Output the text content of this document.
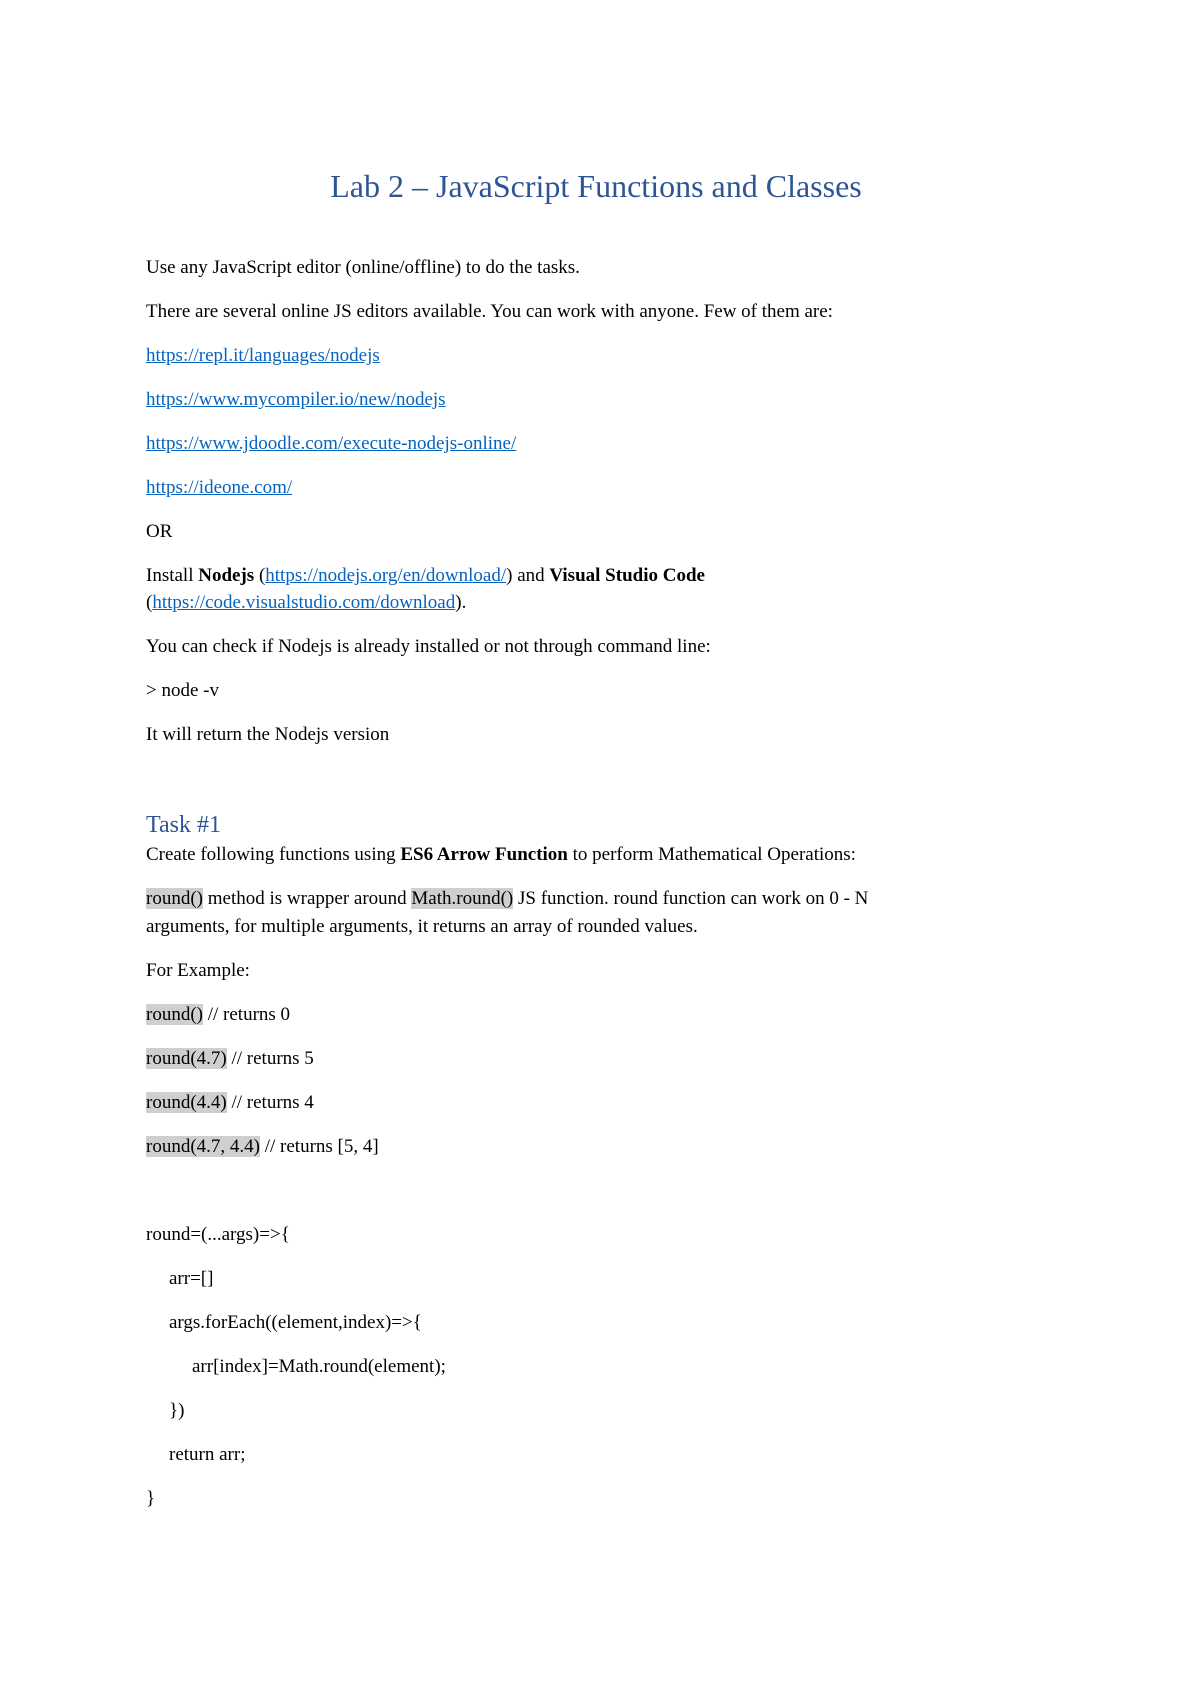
Lab 2 – JavaScript Functions and Classes
Use any JavaScript editor (online/offline) to do the tasks.
There are several online JS editors available. You can work with anyone. Few of them are:
https://repl.it/languages/nodejs
https://www.mycompiler.io/new/nodejs
https://www.jdoodle.com/execute-nodejs-online/
https://ideone.com/
OR
Install Nodejs (https://nodejs.org/en/download/) and Visual Studio Code
(https://code.visualstudio.com/download).
You can check if Nodejs is already installed or not through command line:
> node -v
It will return the Nodejs version
Task #1
Create following functions using ES6 Arrow Function to perform Mathematical Operations:
round() method is wrapper around Math.round() JS function. round function can work on 0 - N
arguments, for multiple arguments, it returns an array of rounded values.
For Example:
round() // returns 0
round(4.7) // returns 5
round(4.4) // returns 4
round(4.7, 4.4) // returns [5, 4]
round=(...args)=>{
arr=[]
args.forEach((element,index)=>{
arr[index]=Math.round(element);
})
return arr;
}
